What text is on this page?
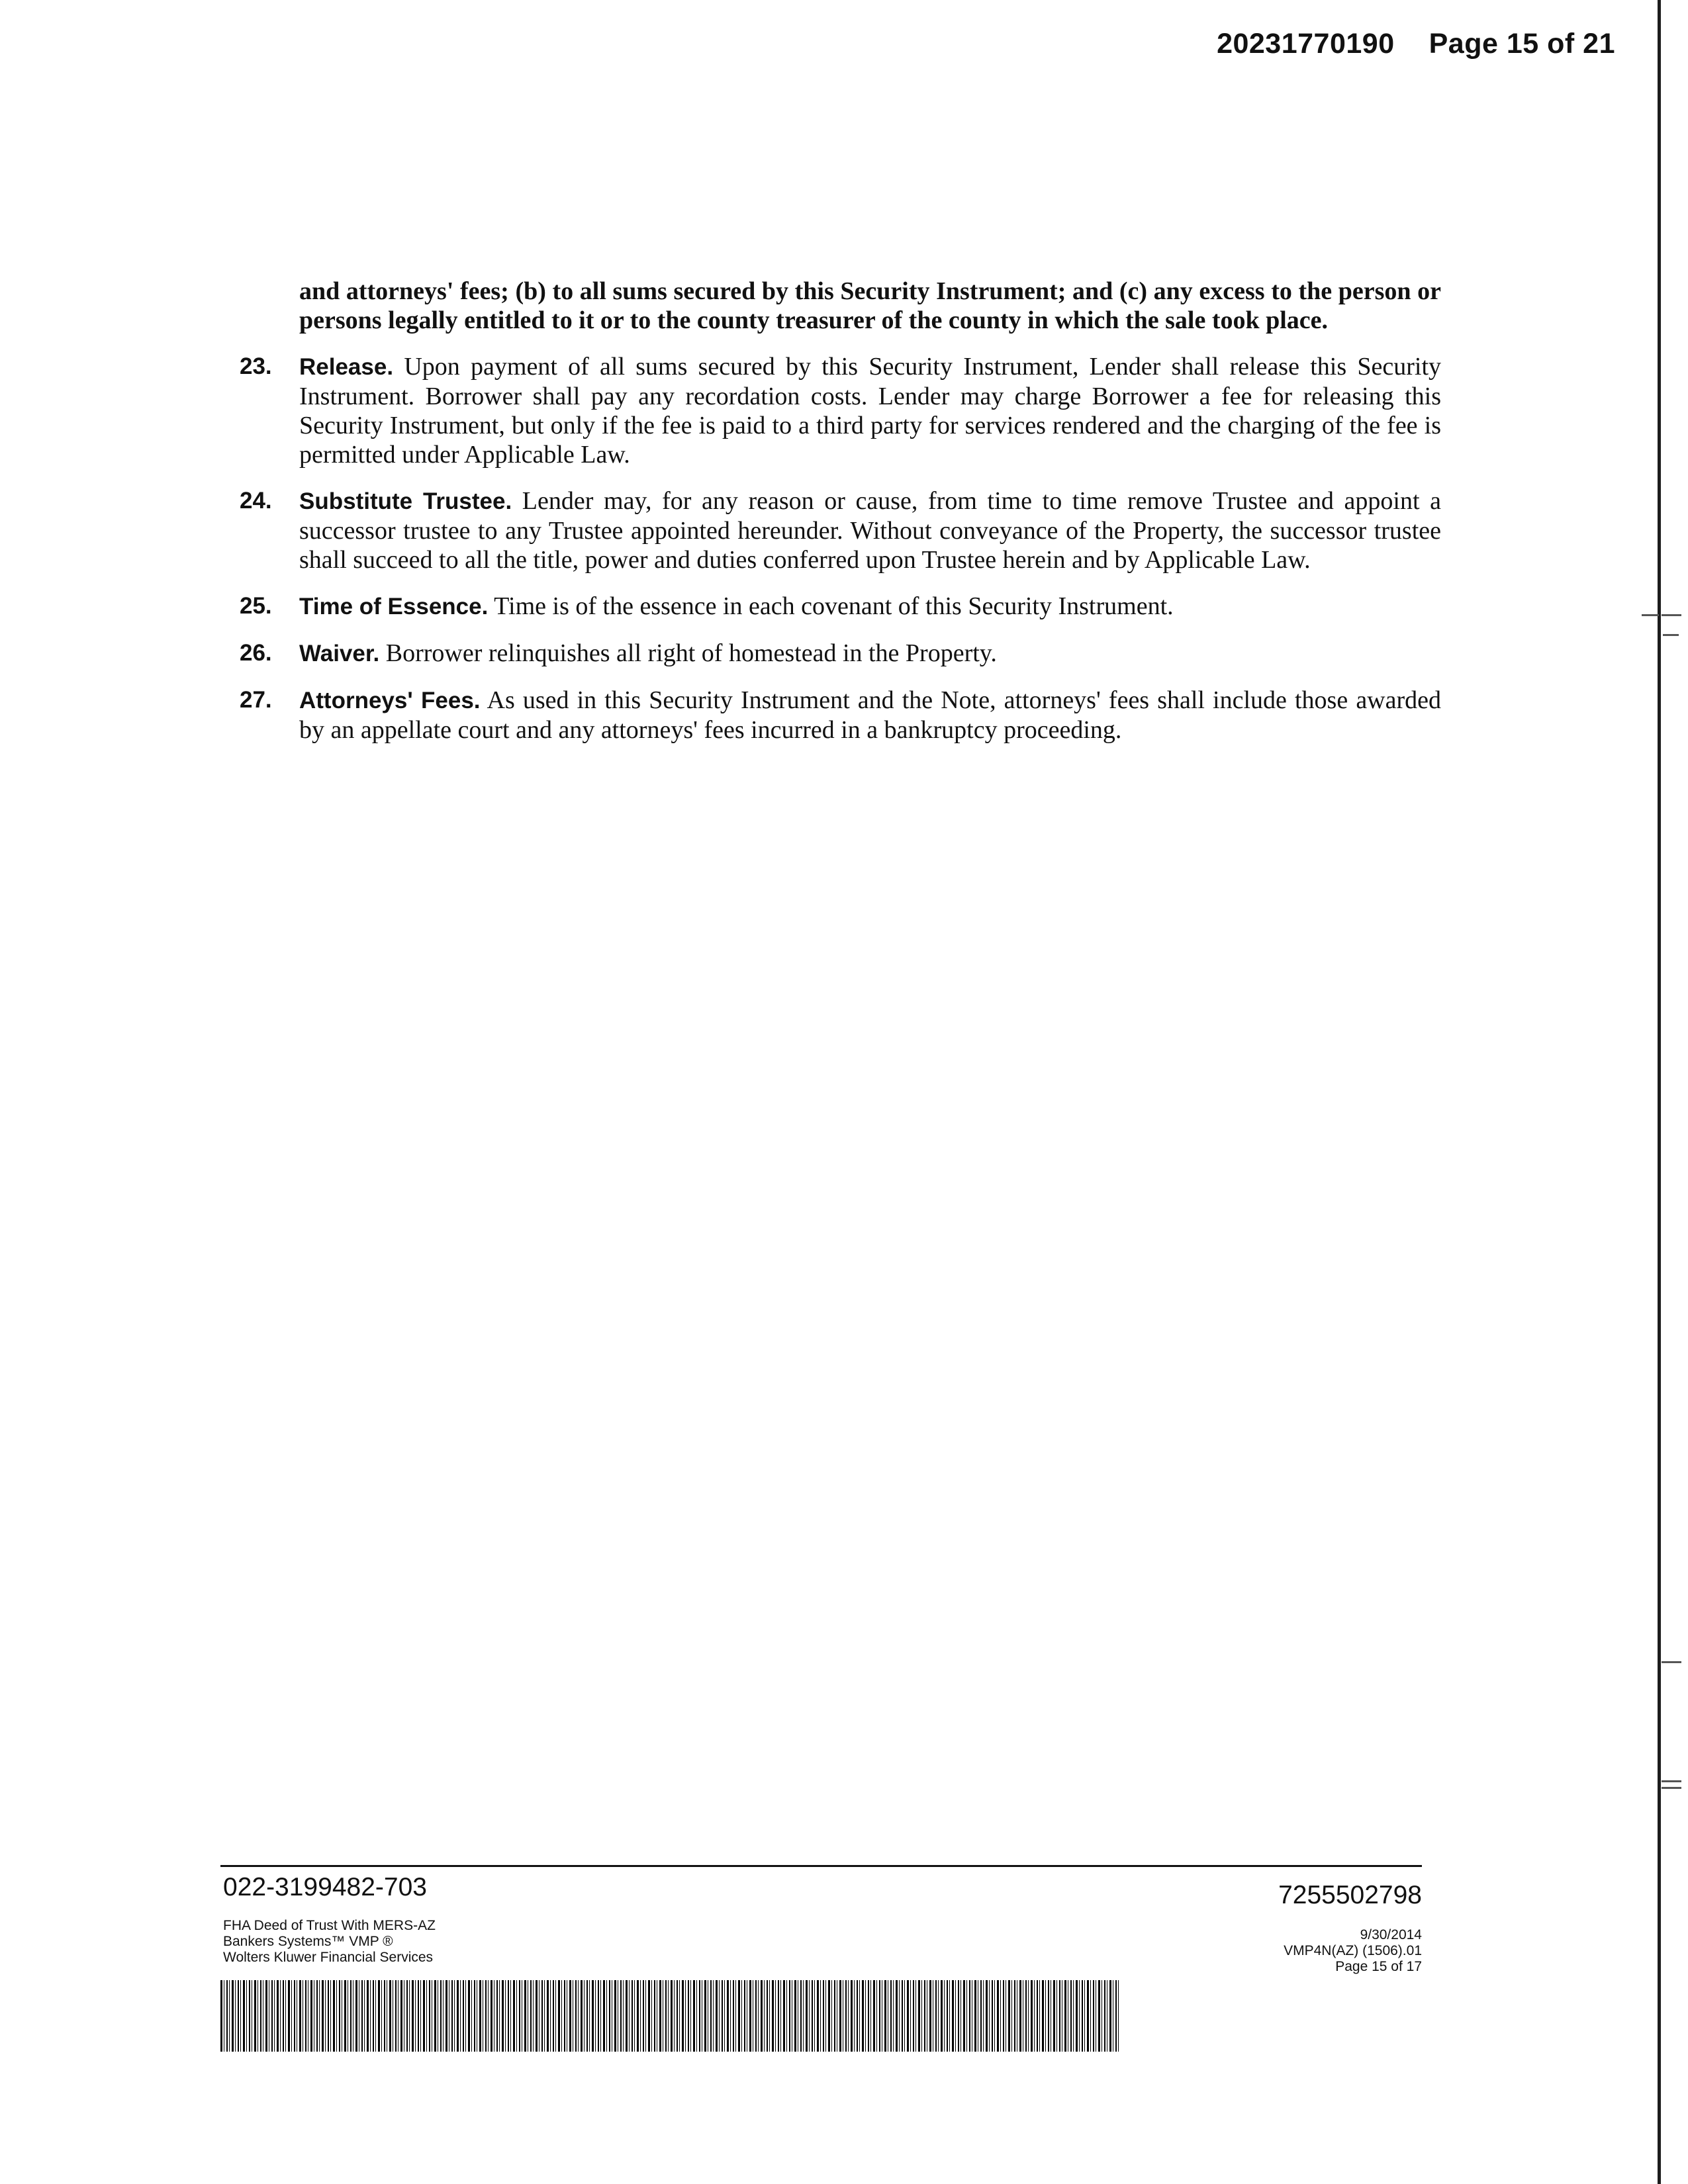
20231770190 Page 15 of 21

and attorneys' fees; (b) to all sums secured by this Security Instrument; and (c) any excess to the person or persons legally entitled to it or to the county treasurer of the county in which the sale took place.

23. Release. Upon payment of all sums secured by this Security Instrument, Lender shall release this Security Instrument. Borrower shall pay any recordation costs. Lender may charge Borrower a fee for releasing this Security Instrument, but only if the fee is paid to a third party for services rendered and the charging of the fee is permitted under Applicable Law.
24. Substitute Trustee. Lender may, for any reason or cause, from time to time remove Trustee and appoint a successor trustee to any Trustee appointed hereunder. Without conveyance of the Property, the successor trustee shall succeed to all the title, power and duties conferred upon Trustee herein and by Applicable Law.
25. Time of Essence. Time is of the essence in each covenant of this Security Instrument.
26. Waiver. Borrower relinquishes all right of homestead in the Property.
27. Attorneys' Fees. As used in this Security Instrument and the Note, attorneys' fees shall include those awarded by an appellate court and any attorneys' fees incurred in a bankruptcy proceeding.
022-3199482-703
FHA Deed of Trust With MERS-AZ
Bankers Systems™ VMP ®
Wolters Kluwer Financial Services
7255502798
9/30/2014
VMP4N(AZ) (1506).01
Page 15 of 17
